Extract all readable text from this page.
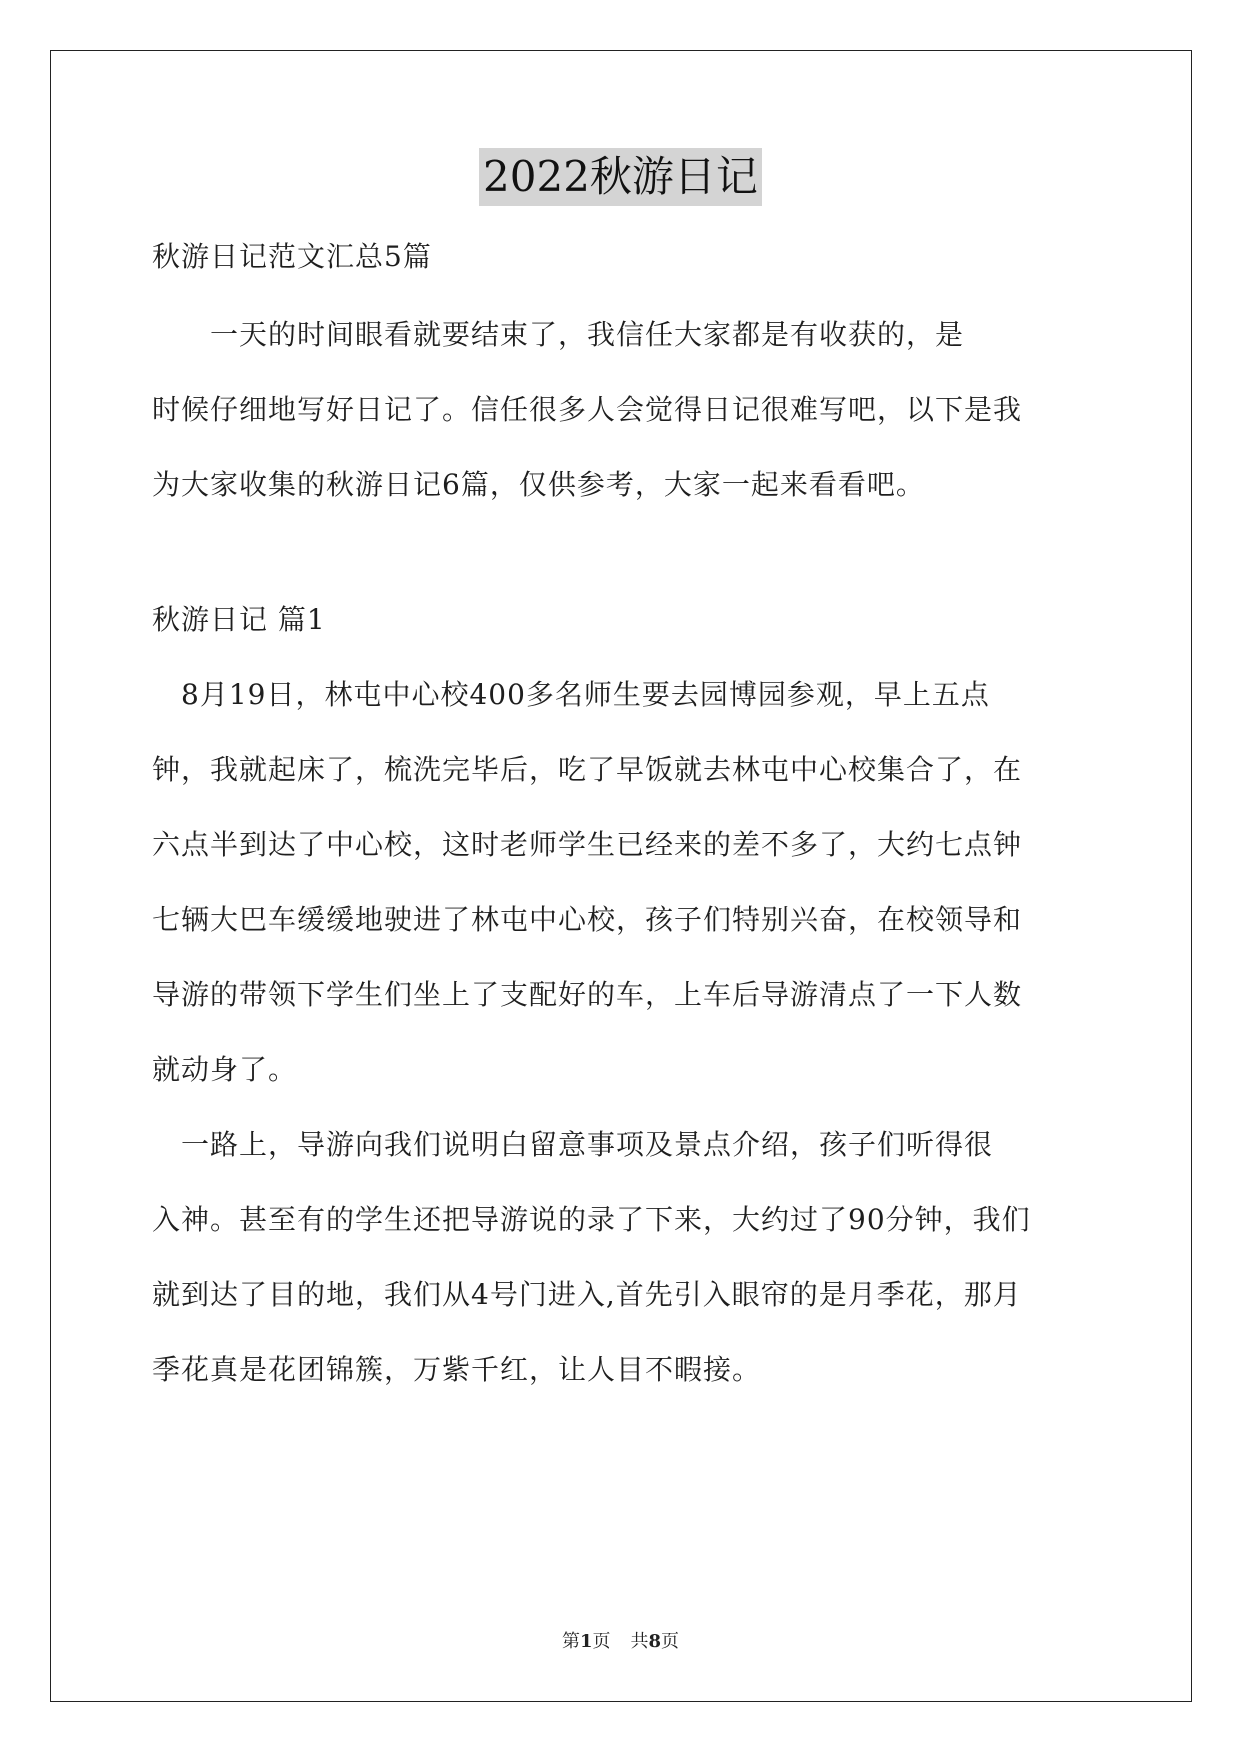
2022秋游日记
秋游日记范文汇总5篇
　　一天的时间眼看就要结束了，我信任大家都是有收获的，是
时候仔细地写好日记了。信任很多人会觉得日记很难写吧，以下是我
为大家收集的秋游日记6篇，仅供参考，大家一起来看看吧。
秋游日记 篇1
　8月19日，林屯中心校400多名师生要去园博园参观，早上五点
钟，我就起床了，梳洗完毕后，吃了早饭就去林屯中心校集合了，在
六点半到达了中心校，这时老师学生已经来的差不多了，大约七点钟
七辆大巴车缓缓地驶进了林屯中心校，孩子们特别兴奋，在校领导和
导游的带领下学生们坐上了支配好的车，上车后导游清点了一下人数
就动身了。
　一路上，导游向我们说明白留意事项及景点介绍，孩子们听得很
入神。甚至有的学生还把导游说的录了下来，大约过了90分钟，我们
就到达了目的地，我们从4号门进入,首先引入眼帘的是月季花，那月
季花真是花团锦簇，万紫千红，让人目不暇接。
第1页 共8页
